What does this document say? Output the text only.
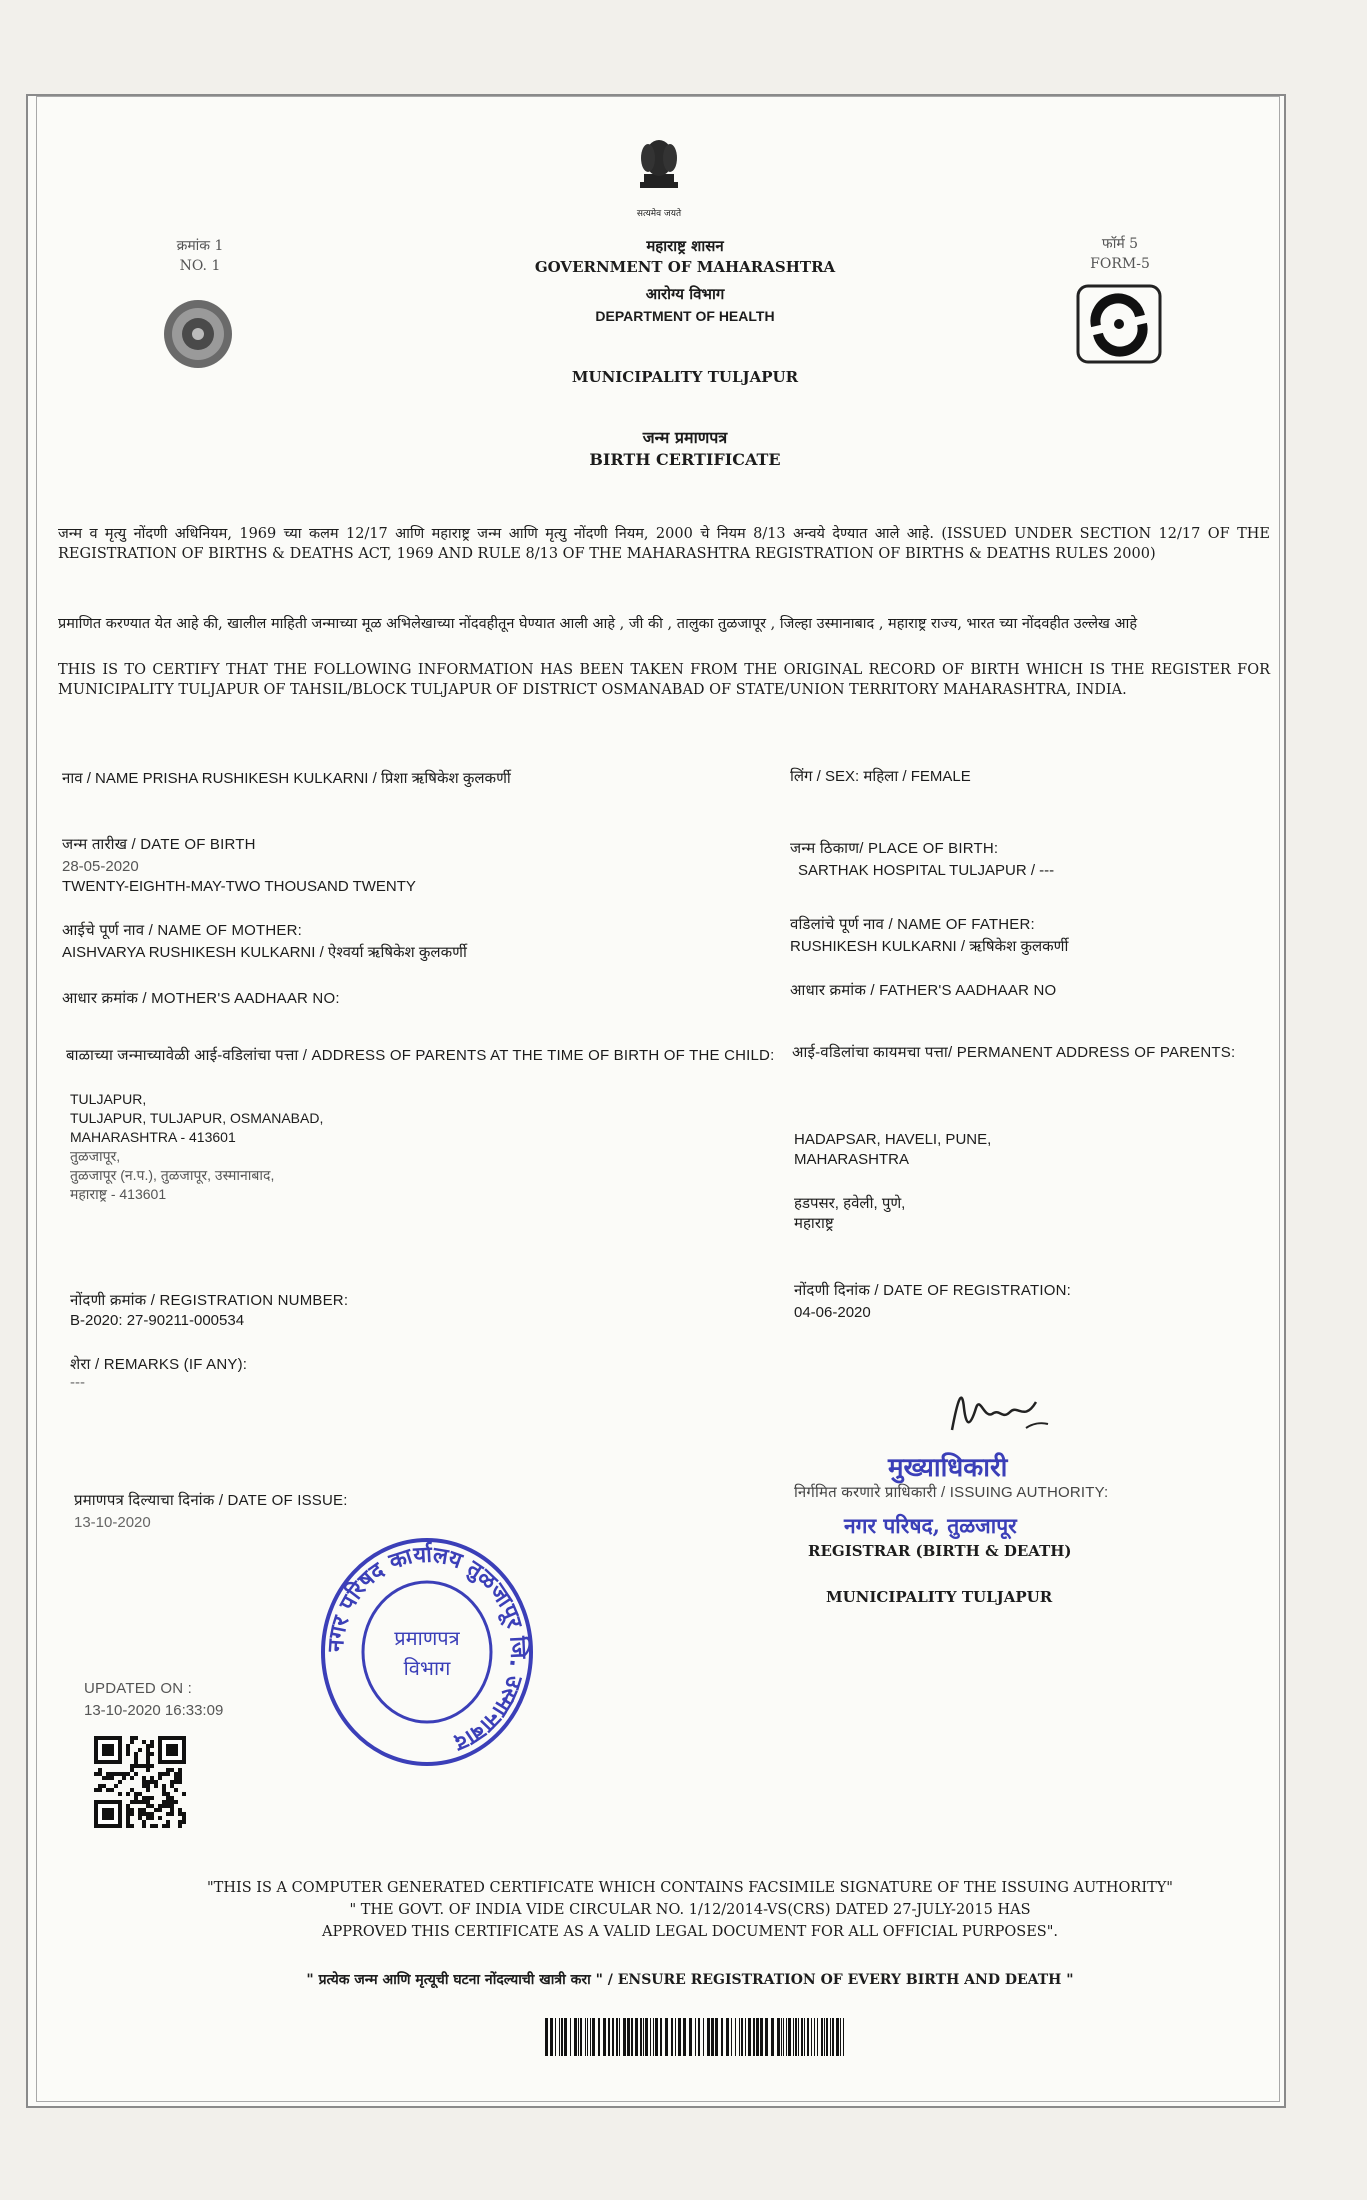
सत्यमेव जयते
क्रमांक 1
NO. 1
महाराष्ट्र शासन
GOVERNMENT OF MAHARASHTRA
आरोग्य विभाग
DEPARTMENT OF HEALTH
MUNICIPALITY TULJAPUR
जन्म प्रमाणपत्र
BIRTH CERTIFICATE
फॉर्म 5
FORM-5
जन्म व मृत्यु नोंदणी अधिनियम, 1969 च्या कलम 12/17 आणि महाराष्ट्र जन्म आणि मृत्यु नोंदणी नियम, 2000 चे नियम 8/13 अन्वये देण्यात आले आहे. (ISSUED UNDER SECTION 12/17 OF THE REGISTRATION OF BIRTHS & DEATHS ACT, 1969 AND RULE 8/13 OF THE MAHARASHTRA REGISTRATION OF BIRTHS & DEATHS RULES 2000)
प्रमाणित करण्यात येत आहे की, खालील माहिती जन्माच्या मूळ अभिलेखाच्या नोंदवहीतून घेण्यात आली आहे , जी की , तालुका तुळजापूर , जिल्हा उस्मानाबाद , महाराष्ट्र राज्य, भारत च्या नोंदवहीत उल्लेख आहे
THIS IS TO CERTIFY THAT THE FOLLOWING INFORMATION HAS BEEN TAKEN FROM THE ORIGINAL RECORD OF BIRTH WHICH IS THE REGISTER FOR MUNICIPALITY TULJAPUR OF TAHSIL/BLOCK TULJAPUR OF DISTRICT OSMANABAD OF STATE/UNION TERRITORY MAHARASHTRA, INDIA.
नाव / NAME PRISHA RUSHIKESH KULKARNI / प्रिशा ऋषिकेश कुलकर्णी	लिंग / SEX: महिला / FEMALE
जन्म तारीख / DATE OF BIRTH
28-05-2020
TWENTY-EIGHTH-MAY-TWO THOUSAND TWENTY
जन्म ठिकाण/ PLACE OF BIRTH:
SARTHAK HOSPITAL TULJAPUR / ---
आईचे पूर्ण नाव / NAME OF MOTHER:
AISHVARYA RUSHIKESH KULKARNI / ऐश्वर्या ऋषिकेश कुलकर्णी
वडिलांचे पूर्ण नाव / NAME OF FATHER:
RUSHIKESH KULKARNI / ऋषिकेश कुलकर्णी
आधार क्रमांक / MOTHER'S AADHAAR NO:	आधार क्रमांक / FATHER'S AADHAAR NO
बाळाच्या जन्माच्यावेळी आई-वडिलांचा पत्ता / ADDRESS OF PARENTS AT THE TIME OF BIRTH OF THE CHILD:
TULJAPUR,
TULJAPUR, TULJAPUR, OSMANABAD,
MAHARASHTRA - 413601
तुळजापूर,
तुळजापूर (न.प.), तुळजापूर, उस्मानाबाद,
महाराष्ट्र - 413601
आई-वडिलांचा कायमचा पत्ता/ PERMANENT ADDRESS OF PARENTS:
HADAPSAR, HAVELI, PUNE,
MAHARASHTRA
हडपसर, हवेली, पुणे,
महाराष्ट्र
नोंदणी क्रमांक / REGISTRATION NUMBER:
B-2020: 27-90211-000534
नोंदणी दिनांक / DATE OF REGISTRATION:
04-06-2020
शेरा / REMARKS (IF ANY):
---
निर्गमित करणारे प्राधिकारी / ISSUING AUTHORITY:
मुख्याधिकारी
नगर परिषद, तुळजापूर
REGISTRAR (BIRTH & DEATH)
MUNICIPALITY TULJAPUR
प्रमाणपत्र दिल्याचा दिनांक / DATE OF ISSUE:
13-10-2020
नगर परिषद कार्यालय तुळजापूर जि. उस्मानाबाद
प्रमाणपत्र
विभाग
UPDATED ON :
13-10-2020 16:33:09
"THIS IS A COMPUTER GENERATED CERTIFICATE WHICH CONTAINS FACSIMILE SIGNATURE OF THE ISSUING AUTHORITY"
" THE GOVT. OF INDIA VIDE CIRCULAR NO. 1/12/2014-VS(CRS) DATED 27-JULY-2015 HAS
APPROVED THIS CERTIFICATE AS A VALID LEGAL DOCUMENT FOR ALL OFFICIAL PURPOSES".
" प्रत्येक जन्म आणि मृत्यूची घटना नोंदल्याची खात्री करा " / ENSURE REGISTRATION OF EVERY BIRTH AND DEATH "
